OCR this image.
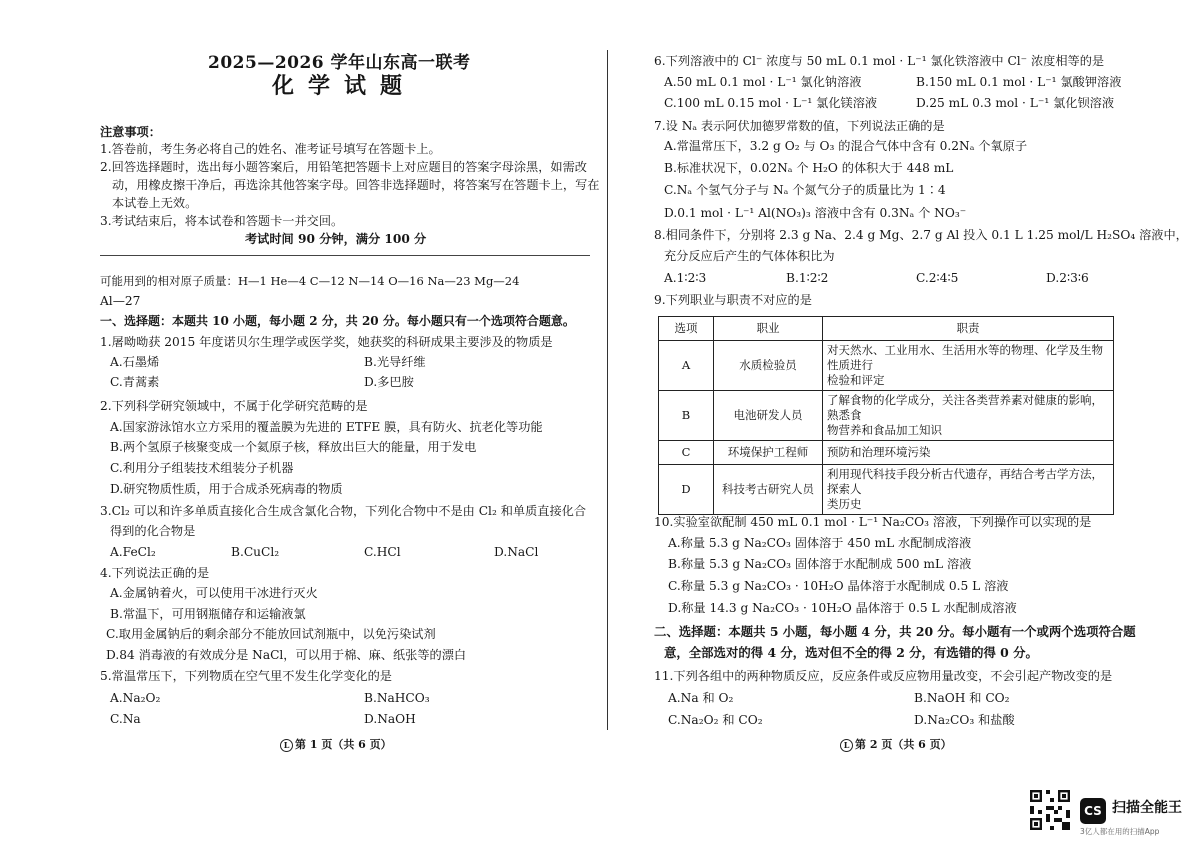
2025—2026 学年山东高一联考
化学试题
注意事项：
1.答卷前，考生务必将自己的姓名、准考证号填写在答题卡上。
2.回答选择题时，选出每小题答案后，用铅笔把答题卡上对应题目的答案字母涂黑，如需改
动，用橡皮擦干净后，再选涂其他答案字母。回答非选择题时，将答案写在答题卡上，写在
本试卷上无效。
3.考试结束后，将本试卷和答题卡一并交回。
考试时间 90 分钟，满分 100 分
可能用到的相对原子质量：H—1 He—4 C—12 N—14 O—16 Na—23 Mg—24
Al—27
一、选择题：本题共 10 小题，每小题 2 分，共 20 分。每小题只有一个选项符合题意。
1.屠呦呦获 2015 年度诺贝尔生理学或医学奖，她获奖的科研成果主要涉及的物质是
A.石墨烯	B.光导纤维
C.青蒿素	D.多巴胺
2.下列科学研究领域中，不属于化学研究范畴的是
A.国家游泳馆水立方采用的覆盖膜为先进的 ETFE 膜，具有防火、抗老化等功能
B.两个氢原子核聚变成一个氦原子核，释放出巨大的能量，用于发电
C.利用分子组装技术组装分子机器
D.研究物质性质，用于合成杀死病毒的物质
3.Cl₂ 可以和许多单质直接化合生成含氯化合物，下列化合物中不是由 Cl₂ 和单质直接化合
得到的化合物是
A.FeCl₂	B.CuCl₂	C.HCl	D.NaCl
4.下列说法正确的是
A.金属钠着火，可以使用干冰进行灭火
B.常温下，可用钢瓶储存和运输液氯
C.取用金属钠后的剩余部分不能放回试剂瓶中，以免污染试剂
D.84 消毒液的有效成分是 NaCl，可以用于棉、麻、纸张等的漂白
5.常温常压下，下列物质在空气里不发生化学变化的是
A.Na₂O₂	B.NaHCO₃
C.Na	D.NaOH
L 第 1 页（共 6 页）
6.下列溶液中的 Cl⁻ 浓度与 50 mL 0.1 mol · L⁻¹ 氯化铁溶液中 Cl⁻ 浓度相等的是
A.50 mL 0.1 mol · L⁻¹ 氯化钠溶液	B.150 mL 0.1 mol · L⁻¹ 氯酸钾溶液
C.100 mL 0.15 mol · L⁻¹ 氯化镁溶液	D.25 mL 0.3 mol · L⁻¹ 氯化钡溶液
7.设 Nₐ 表示阿伏加德罗常数的值，下列说法正确的是
A.常温常压下，3.2 g O₂ 与 O₃ 的混合气体中含有 0.2Nₐ 个氧原子
B.标准状况下，0.02Nₐ 个 H₂O 的体积大于 448 mL
C.Nₐ 个氢气分子与 Nₐ 个氮气分子的质量比为 1∶4
D.0.1 mol · L⁻¹ Al(NO₃)₃ 溶液中含有 0.3Nₐ 个 NO₃⁻
8.相同条件下，分别将 2.3 g Na、2.4 g Mg、2.7 g Al 投入 0.1 L 1.25 mol/L H₂SO₄ 溶液中，
充分反应后产生的气体体积比为
A.1∶2∶3	B.1∶2∶2	C.2∶4∶5	D.2∶3∶6
9.下列职业与职责不对应的是
选项	职业	职责
A	水质检验员	对天然水、工业用水、生活用水等的物理、化学及生物性质进行
检验和评定

B	电池研发人员	了解食物的化学成分，关注各类营养素对健康的影响，熟悉食
物营养和食品加工知识

C	环境保护工程师	预防和治理环境污染
D	科技考古研究人员	利用现代科技手段分析古代遗存，再结合考古学方法，探索人
类历史
10.实验室欲配制 450 mL 0.1 mol · L⁻¹ Na₂CO₃ 溶液，下列操作可以实现的是
A.称量 5.3 g Na₂CO₃ 固体溶于 450 mL 水配制成溶液
B.称量 5.3 g Na₂CO₃ 固体溶于水配制成 500 mL 溶液
C.称量 5.3 g Na₂CO₃ · 10H₂O 晶体溶于水配制成 0.5 L 溶液
D.称量 14.3 g Na₂CO₃ · 10H₂O 晶体溶于 0.5 L 水配制成溶液
二、选择题：本题共 5 小题，每小题 4 分，共 20 分。每小题有一个或两个选项符合题
意，全部选对的得 4 分，选对但不全的得 2 分，有选错的得 0 分。
11.下列各组中的两种物质反应，反应条件或反应物用量改变，不会引起产物改变的是
A.Na 和 O₂	B.NaOH 和 CO₂
C.Na₂O₂ 和 CO₂	D.Na₂CO₃ 和盐酸
L 第 2 页（共 6 页）
CS 扫描全能王
3亿人都在用的扫描App
